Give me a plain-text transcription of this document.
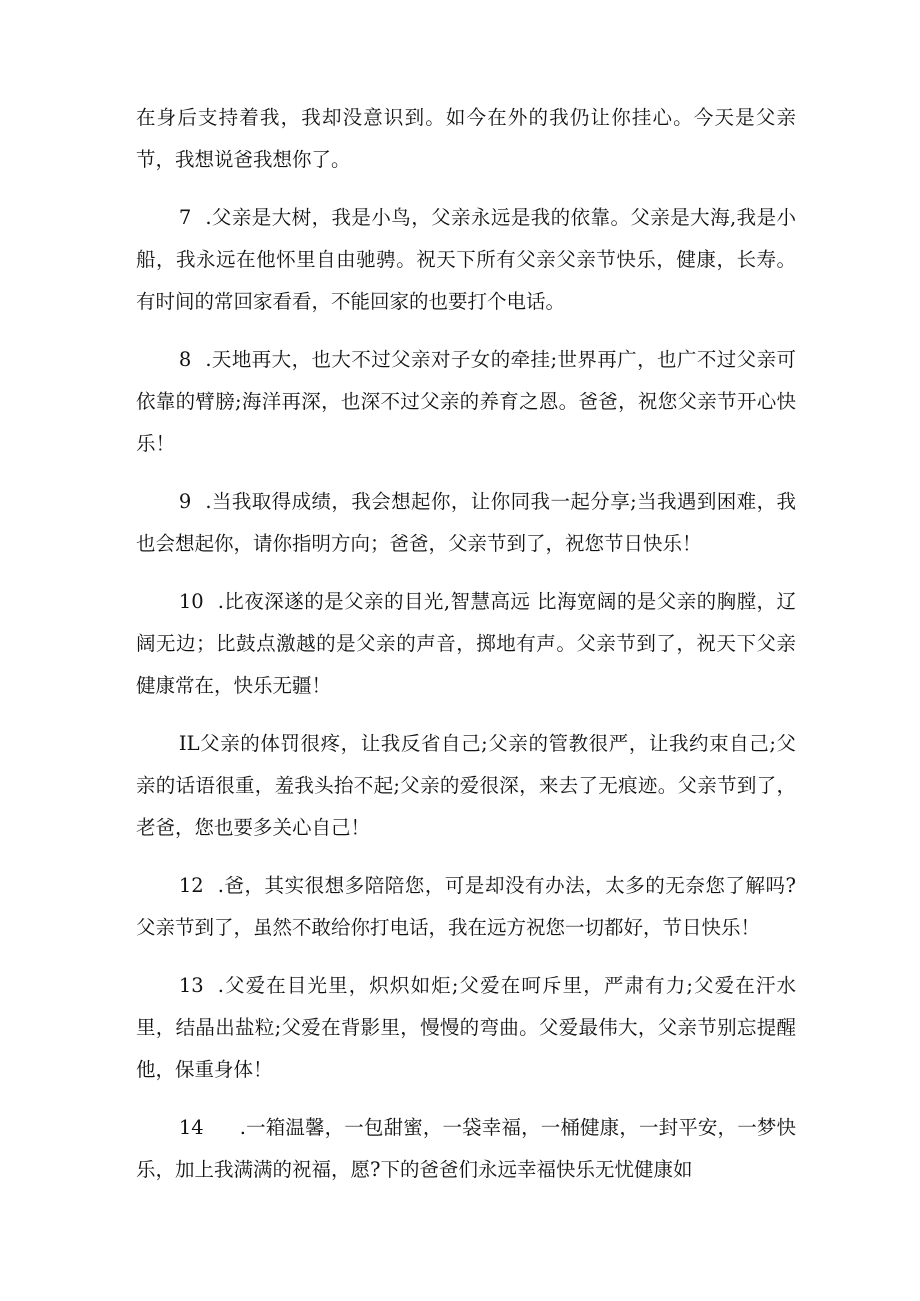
在身后支持着我，我却没意识到。如今在外的我仍让你挂心。今天是父亲节，我想说爸我想你了。

7 .父亲是大树，我是小鸟，父亲永远是我的依靠。父亲是大海,我是小船，我永远在他怀里自由驰骋。祝天下所有父亲父亲节快乐，健康，长寿。有时间的常回家看看，不能回家的也要打个电话。

8 .天地再大，也大不过父亲对子女的牵挂;世界再广，也广不过父亲可依靠的臂膀;海洋再深，也深不过父亲的养育之恩。爸爸，祝您父亲节开心快乐！

9 .当我取得成绩，我会想起你，让你同我一起分享;当我遇到困难，我也会想起你，请你指明方向；爸爸，父亲节到了，祝您节日快乐！

10 .比夜深遂的是父亲的目光,智慧高远 比海宽阔的是父亲的胸膛，辽阔无边；比鼓点激越的是父亲的声音，掷地有声。父亲节到了，祝天下父亲健康常在，快乐无疆！

IL父亲的体罚很疼，让我反省自己;父亲的管教很严，让我约束自己;父亲的话语很重，羞我头抬不起;父亲的爱很深，来去了无痕迹。父亲节到了，老爸，您也要多关心自己！

12 .爸，其实很想多陪陪您，可是却没有办法，太多的无奈您了解吗?父亲节到了，虽然不敢给你打电话，我在远方祝您一切都好，节日快乐！

13 .父爱在目光里，炽炽如炬;父爱在呵斥里，严肃有力;父爱在汗水里，结晶出盐粒;父爱在背影里，慢慢的弯曲。父爱最伟大，父亲节别忘提醒他，保重身体！

14 .一箱温馨，一包甜蜜，一袋幸福，一桶健康，一封平安，一梦快乐，加上我满满的祝福，愿?下的爸爸们永远幸福快乐无忧健康如
